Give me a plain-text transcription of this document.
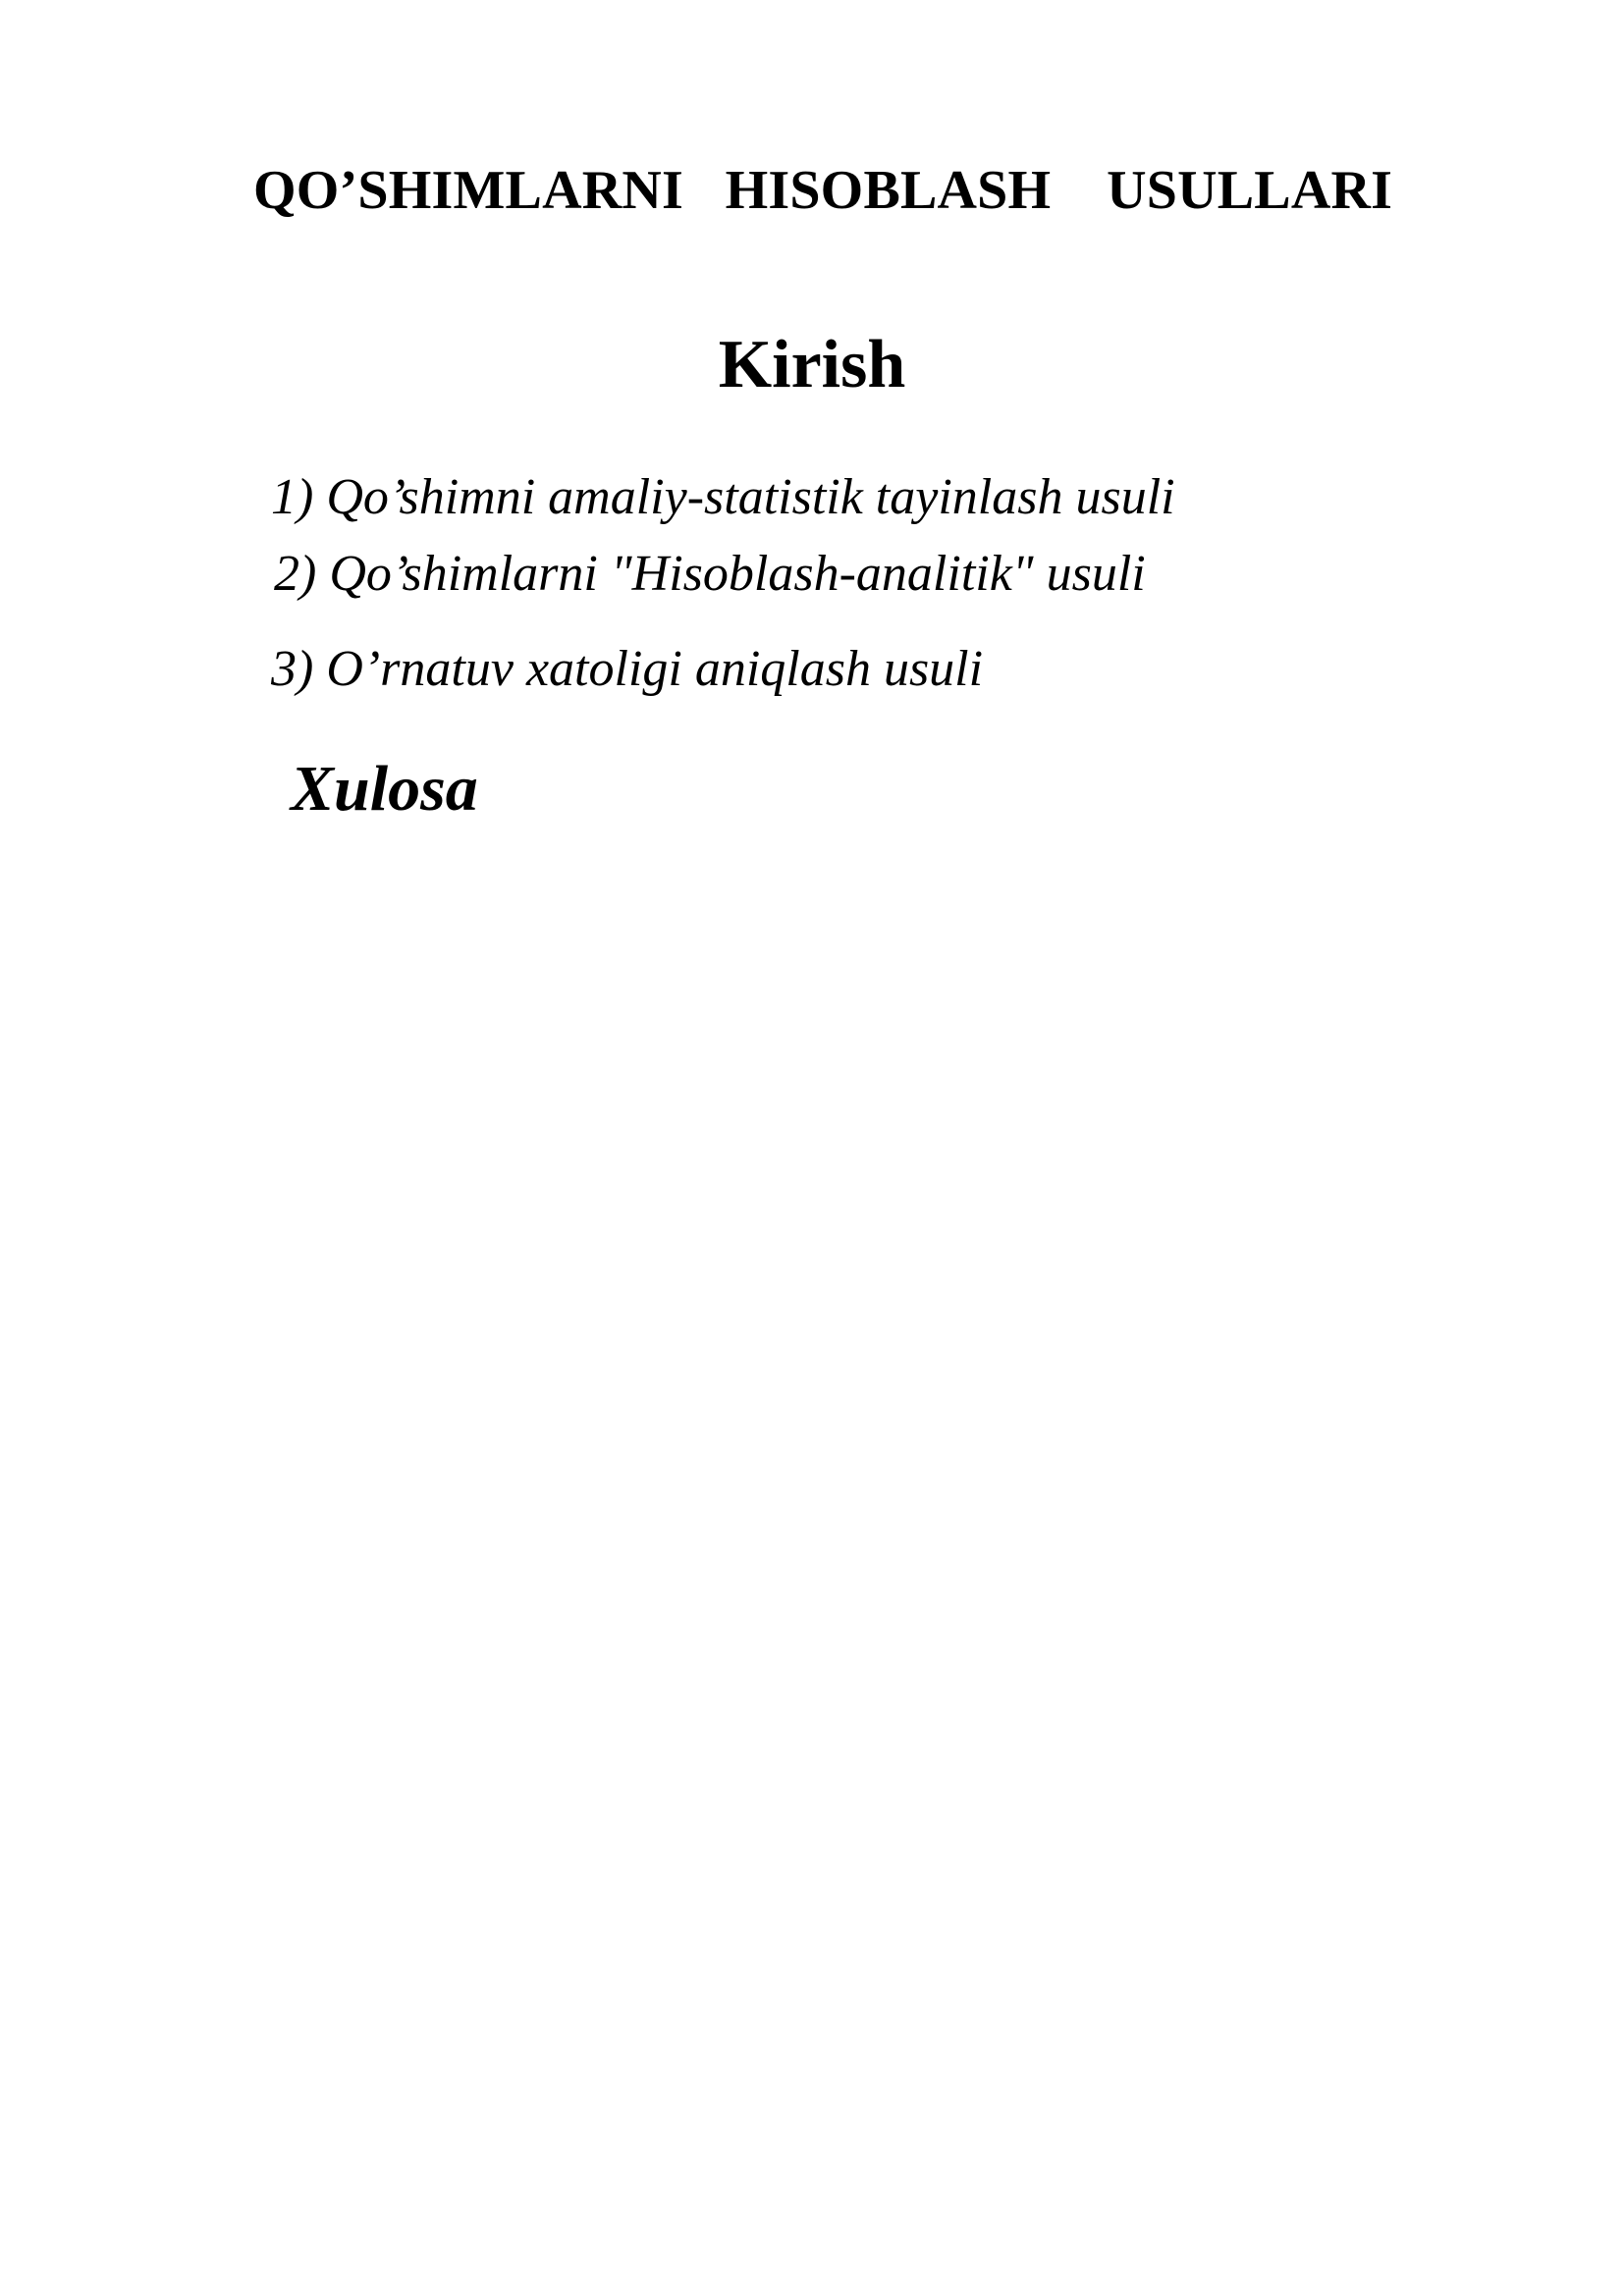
QO’SHIMLARNI   HISOBLASH    USULLARI
Kirish
1) Qo’shimni amaliy-statistik tayinlash usuli
2) Qo’shimlarni "Hisoblash-analitik" usuli
3) O’rnatuv xatoligi aniqlash usuli
Xulosa
